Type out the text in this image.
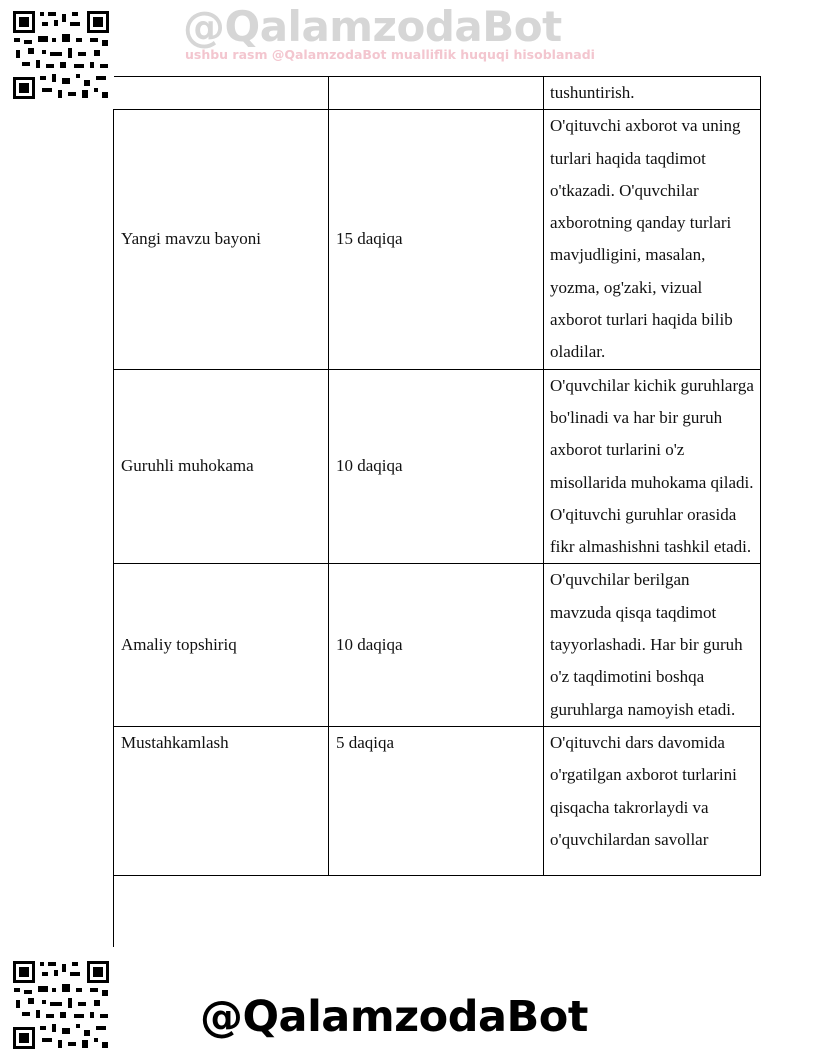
@QalamzodaBot
ushbu rasm @QalamzodaBot mualliflik huquqi hisoblanadi
		tushuntirish.
Yangi mavzu bayoni	15 daqiqa	O'qituvchi axborot va uning turlari haqida taqdimot o'tkazadi. O'quvchilar axborotning qanday turlari mavjudligini, masalan, yozma, og'zaki, vizual axborot turlari haqida bilib oladilar.
Guruhli muhokama	10 daqiqa	O'quvchilar kichik guruhlarga bo'linadi va har bir guruh axborot turlarini o'z misollarida muhokama qiladi. O'qituvchi guruhlar orasida fikr almashishni tashkil etadi.
Amaliy topshiriq	10 daqiqa	O'quvchilar berilgan mavzuda qisqa taqdimot tayyorlashadi. Har bir guruh o'z taqdimotini boshqa guruhlarga namoyish etadi.
Mustahkamlash	5 daqiqa	O'qituvchi dars davomida o'rgatilgan axborot turlarini qisqacha takrorlaydi va o'quvchilardan savollar
@QalamzodaBot
